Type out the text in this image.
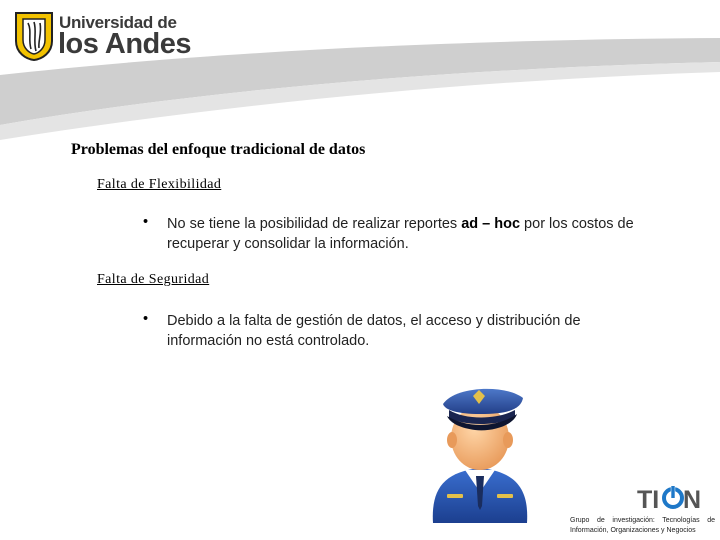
Universidad de
los Andes
Problemas del enfoque tradicional de datos
Falta de Flexibilidad
• No se tiene la posibilidad de realizar reportes ad – hoc por los costos de recuperar y consolidar la información.
Falta de Seguridad
• Debido a la falta de gestión de datos, el acceso y distribución de información no está controlado.
TI N
Grupo de investigación: Tecnologías de Información, Organizaciones y Negocios
